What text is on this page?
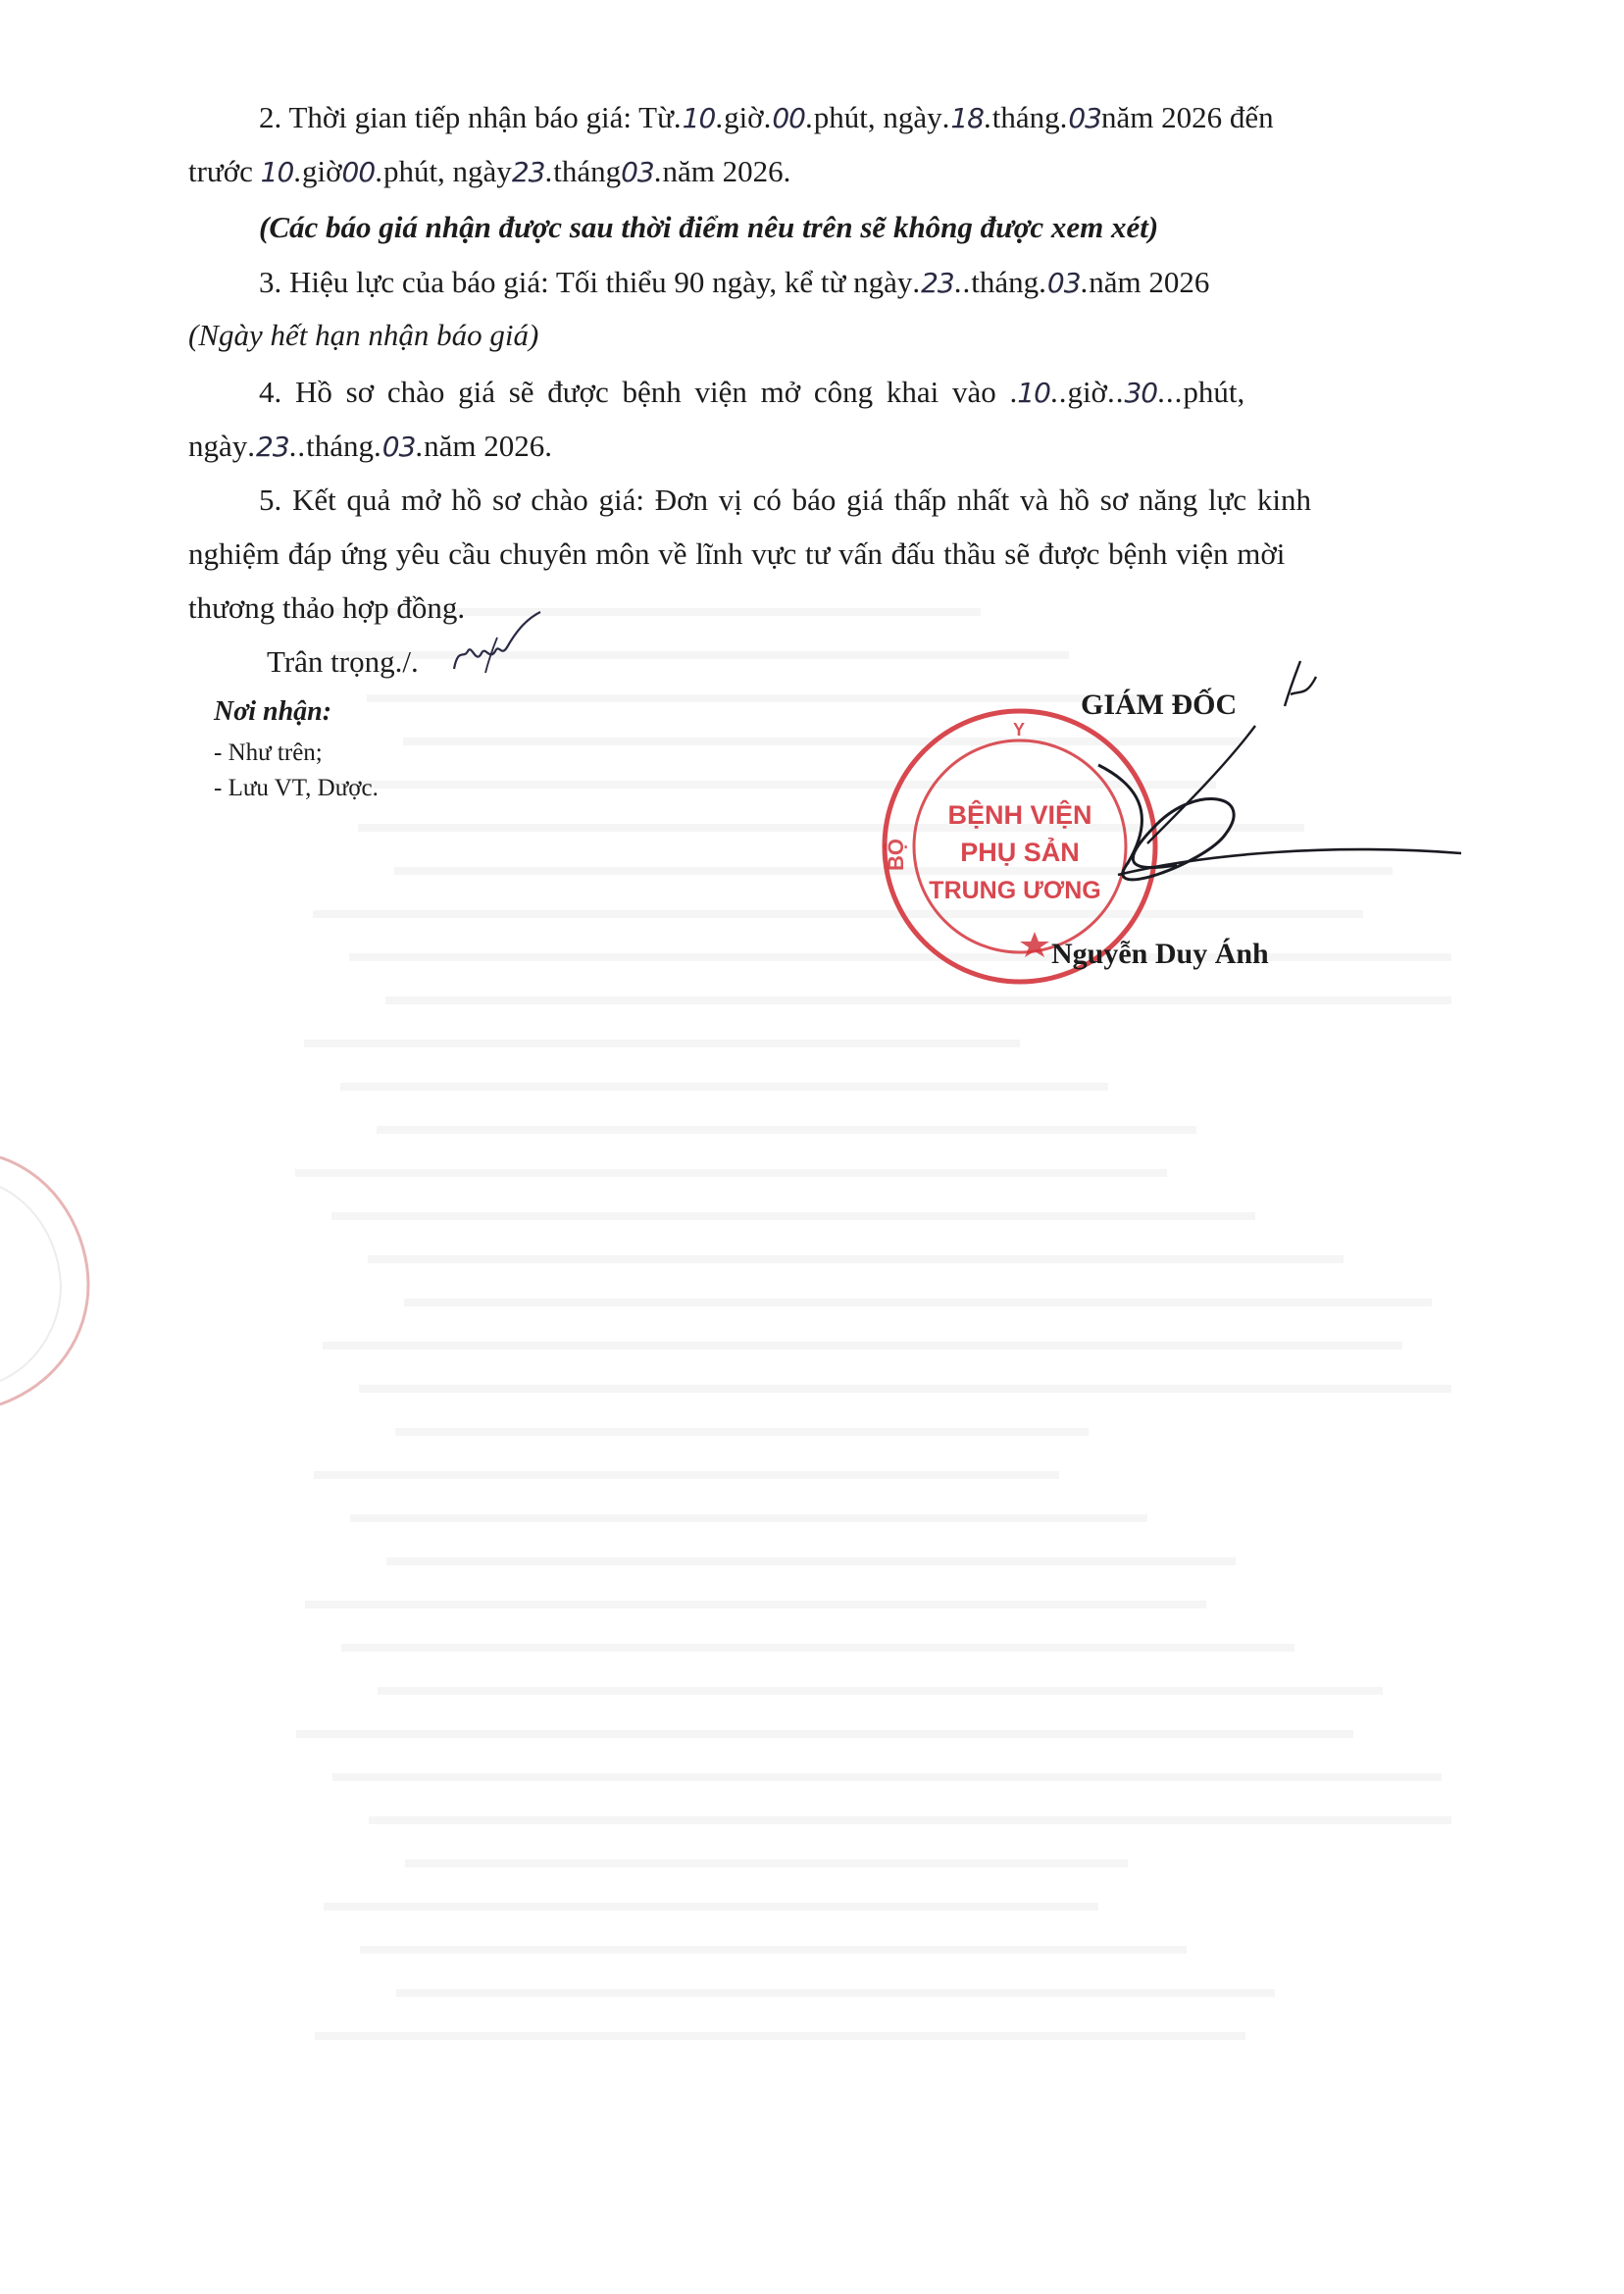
2. Thời gian tiếp nhận báo giá: Từ.10.giờ.00.phút, ngày.18.tháng.03năm 2026 đến
trước 10.giờ00.phút, ngày23.tháng03.năm 2026.
(Các báo giá nhận được sau thời điểm nêu trên sẽ không được xem xét)
3. Hiệu lực của báo giá: Tối thiểu 90 ngày, kể từ ngày.23..tháng.03.năm 2026
(Ngày hết hạn nhận báo giá)
4. Hồ sơ chào giá sẽ được bệnh viện mở công khai vào .10..giờ..30...phút,
ngày.23..tháng.03.năm 2026.
5. Kết quả mở hồ sơ chào giá: Đơn vị có báo giá thấp nhất và hồ sơ năng lực kinh
nghiệm đáp ứng yêu cầu chuyên môn về lĩnh vực tư vấn đấu thầu sẽ được bệnh viện mời
thương thảo hợp đồng.
Trân trọng./.
Nơi nhận:
- Như trên;
- Lưu VT, Dược.
BỆNH VIỆN
PHỤ SẢN
TRUNG ƯƠNG
BỘ
Y
GIÁM ĐỐC
Nguyễn Duy Ánh
